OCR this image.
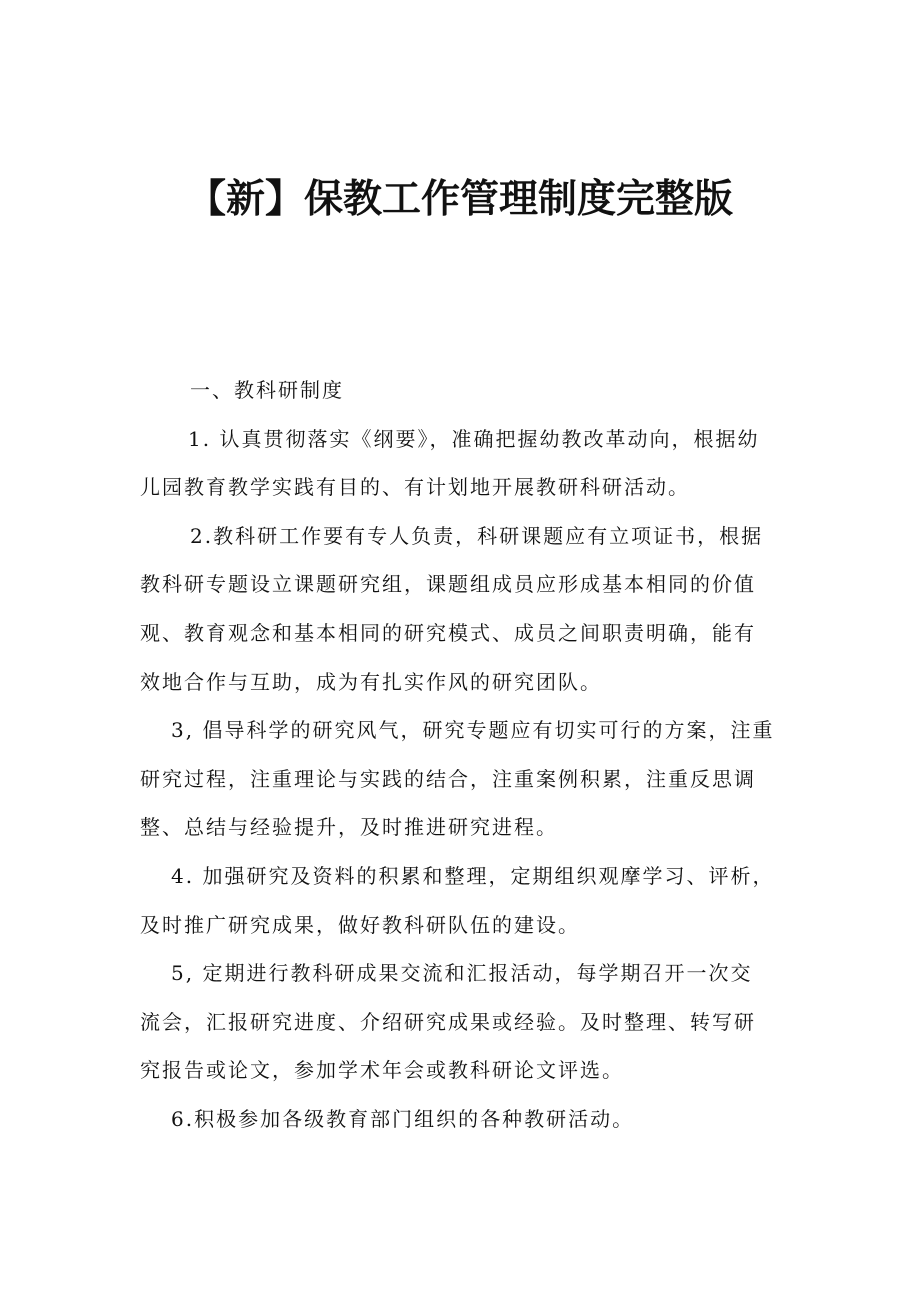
【新】保教工作管理制度完整版

一、教科研制度

1. 认真贯彻落实《纲要》，准确把握幼教改革动向，根据幼
儿园教育教学实践有目的、有计划地开展教研科研活动。

2.教科研工作要有专人负责，科研课题应有立项证书，根据
教科研专题设立课题研究组，课题组成员应形成基本相同的价值
观、教育观念和基本相同的研究模式、成员之间职责明确，能有
效地合作与互助，成为有扎实作风的研究团队。

3, 倡导科学的研究风气，研究专题应有切实可行的方案，注重
研究过程，注重理论与实践的结合，注重案例积累，注重反思调
整、总结与经验提升，及时推进研究进程。

4. 加强研究及资料的积累和整理，定期组织观摩学习、评析，
及时推广研究成果，做好教科研队伍的建设。

5, 定期进行教科研成果交流和汇报活动，每学期召开一次交
流会，汇报研究进度、介绍研究成果或经验。及时整理、转写研
究报告或论文，参加学术年会或教科研论文评选。

6.积极参加各级教育部门组织的各种教研活动。
